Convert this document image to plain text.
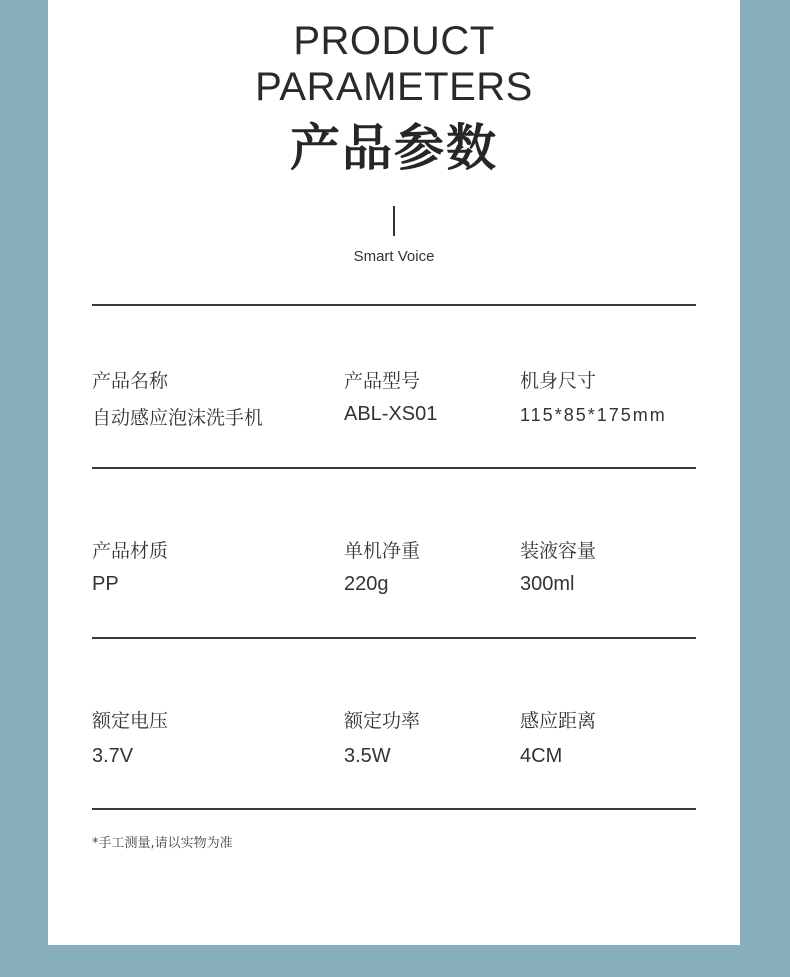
PRODUCT
PARAMETERS
产品参数
Smart Voice
产品名称
自动感应泡沫洗手机
产品型号
ABL-XS01
机身尺寸
115*85*175mm
产品材质
PP
单机净重
220g
装液容量
300ml
额定电压
3.7V
额定功率
3.5W
感应距离
4CM
*手工测量,请以实物为准
